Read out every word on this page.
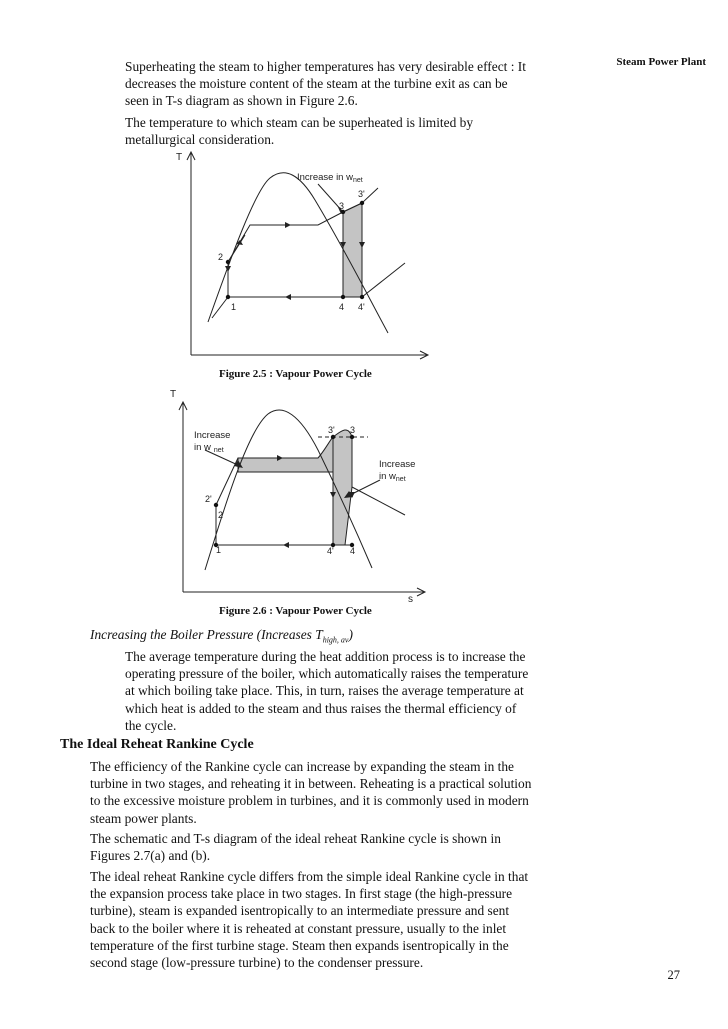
Steam Power Plant
Superheating the steam to higher temperatures has very desirable effect : It
decreases the moisture content of the steam at the turbine exit as can be
seen in T-s diagram as shown in Figure 2.6.
The temperature to which steam can be superheated is limited by
metallurgical consideration.
T
Increase in $w_{net}$
3'
3
2
1	4 4'
T
s
Increase
in w $_{net}$
Increase
in $w_{net}$
3' 3
2'
2
1	4' 4
Figure 2.5 : Vapour Power Cycle
Figure 2.6 : Vapour Power Cycle
Increasing the Boiler Pressure (Increases $T_{high, av}$)
The average temperature during the heat addition process is to increase the
operating pressure of the boiler, which automatically raises the temperature
at which boiling take place. This, in turn, raises the average temperature at
which heat is added to the steam and thus raises the thermal efficiency of
the cycle.
The Ideal Reheat Rankine Cycle
The efficiency of the Rankine cycle can increase by expanding the steam in the
turbine in two stages, and reheating it in between. Reheating is a practical solution
to the excessive moisture problem in turbines, and it is commonly used in modern
steam power plants.
The schematic and T-s diagram of the ideal reheat Rankine cycle is shown in
Figures 2.7(a) and (b).
The ideal reheat Rankine cycle differs from the simple ideal Rankine cycle in that
the expansion process take place in two stages. In first stage (the high-pressure
turbine), steam is expanded isentropically to an intermediate pressure and sent
back to the boiler where it is reheated at constant pressure, usually to the inlet
temperature of the first turbine stage. Steam then expands isentropically in the
second stage (low-pressure turbine) to the condenser pressure.
27
